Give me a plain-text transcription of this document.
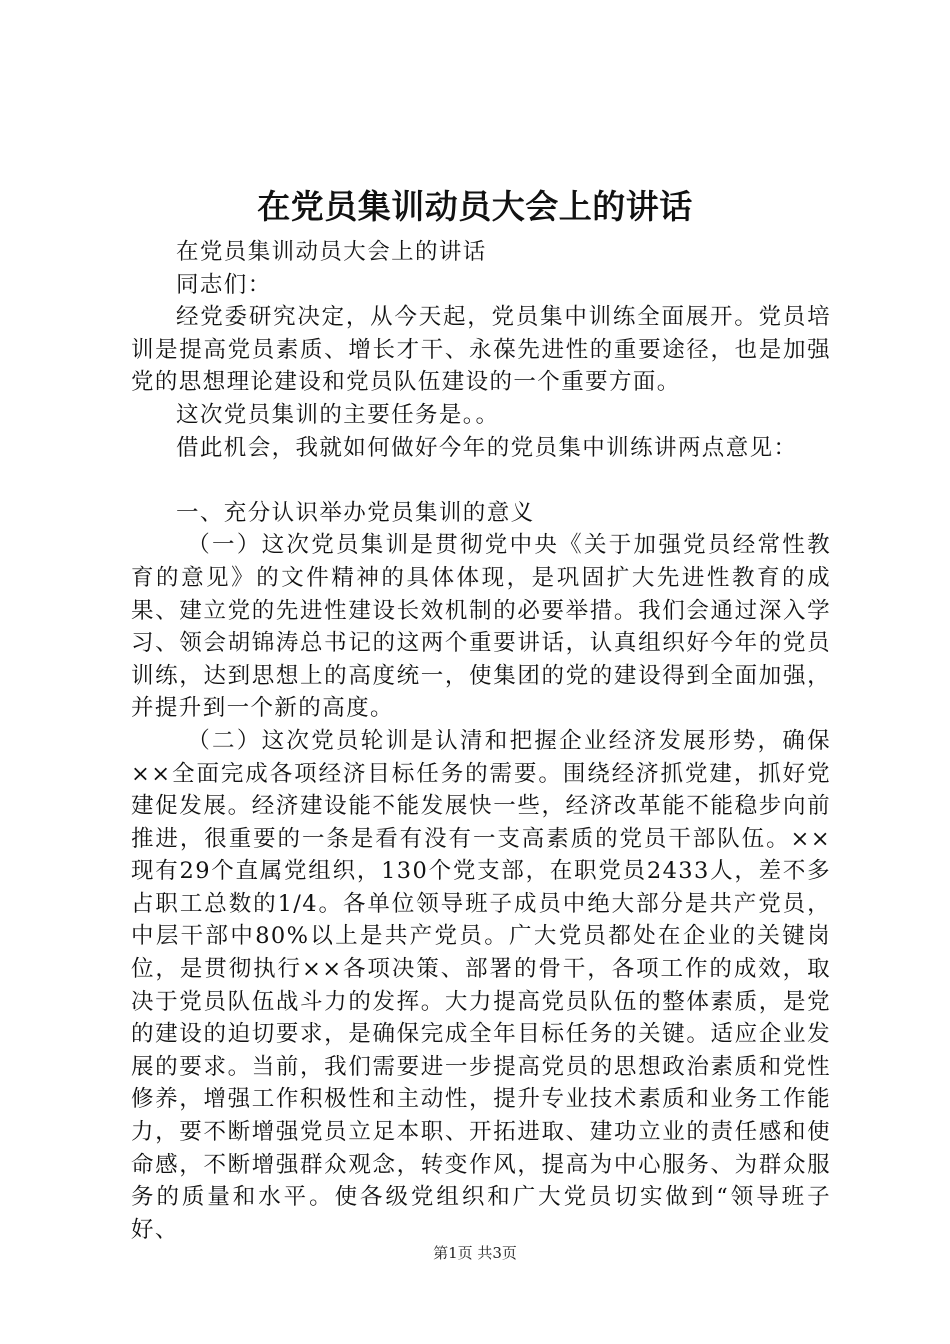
在党员集训动员大会上的讲话

在党员集训动员大会上的讲话

同志们：

经党委研究决定，从今天起，党员集中训练全面展开。党员培训是提高党员素质、增长才干、永葆先进性的重要途径，也是加强党的思想理论建设和党员队伍建设的一个重要方面。

这次党员集训的主要任务是。。

借此机会，我就如何做好今年的党员集中训练讲两点意见：

一、充分认识举办党员集训的意义

（一）这次党员集训是贯彻党中央《关于加强党员经常性教育的意见》的文件精神的具体体现，是巩固扩大先进性教育的成果、建立党的先进性建设长效机制的必要举措。我们会通过深入学习、领会胡锦涛总书记的这两个重要讲话，认真组织好今年的党员训练，达到思想上的高度统一，使集团的党的建设得到全面加强，并提升到一个新的高度。

（二）这次党员轮训是认清和把握企业经济发展形势，确保××全面完成各项经济目标任务的需要。围绕经济抓党建，抓好党建促发展。经济建设能不能发展快一些，经济改革能不能稳步向前推进，很重要的一条是看有没有一支高素质的党员干部队伍。××现有29个直属党组织，130个党支部，在职党员2433人，差不多占职工总数的1/4。各单位领导班子成员中绝大部分是共产党员，中层干部中80%以上是共产党员。广大党员都处在企业的关键岗位，是贯彻执行××各项决策、部署的骨干，各项工作的成效，取决于党员队伍战斗力的发挥。大力提高党员队伍的整体素质，是党的建设的迫切要求，是确保完成全年目标任务的关键。适应企业发展的要求。当前，我们需要进一步提高党员的思想政治素质和党性修养，增强工作积极性和主动性，提升专业技术素质和业务工作能力，要不断增强党员立足本职、开拓进取、建功立业的责任感和使命感，不断增强群众观念，转变作风，提高为中心服务、为群众服务的质量和水平。使各级党组织和广大党员切实做到“领导班子好、

第1页 共3页
